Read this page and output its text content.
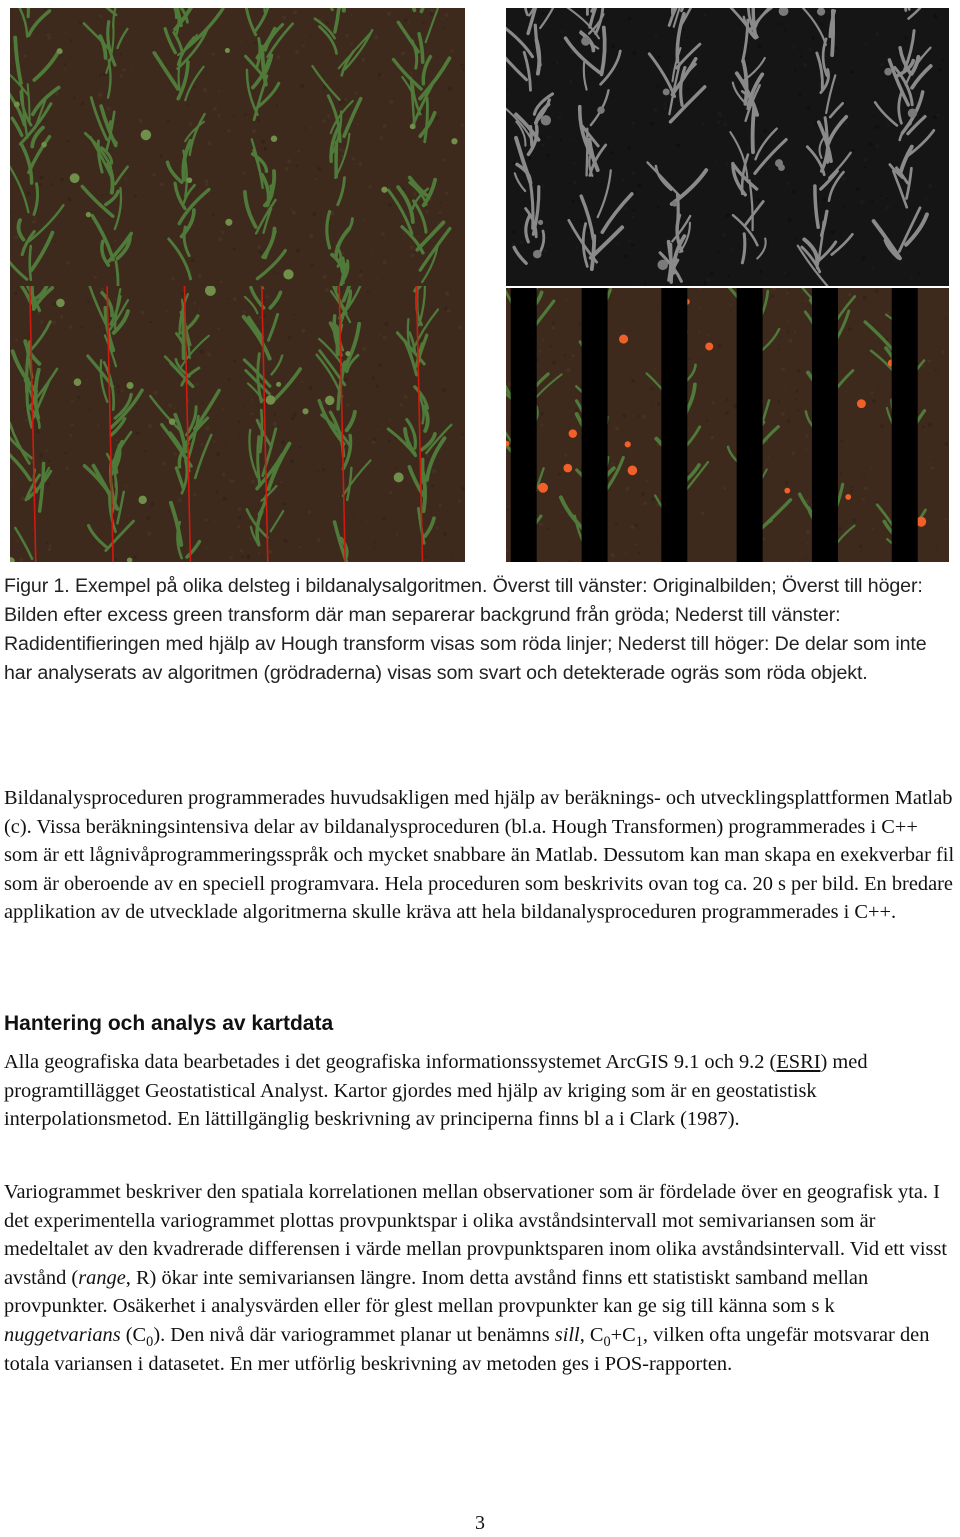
Figur 1. Exempel på olika delsteg i bildanalysalgoritmen. Överst till vänster: Originalbilden; Överst till höger: Bilden efter excess green transform där man separerar backgrund från gröda; Nederst till vänster: Radidentifieringen med hjälp av Hough transform visas som röda linjer; Nederst till höger: De delar som inte har analyserats av algoritmen (grödraderna) visas som svart och detekterade ogräs som röda objekt.

Bildanalysproceduren programmerades huvudsakligen med hjälp av beräknings- och utvecklingsplattformen Matlab (c). Vissa beräkningsintensiva delar av bildanalysproceduren (bl.a. Hough Transformen) programmerades i C++ som är ett lågnivåprogrammeringsspråk och mycket snabbare än Matlab. Dessutom kan man skapa en exekverbar fil som är oberoende av en speciell programvara. Hela proceduren som beskrivits ovan tog ca. 20 s per bild. En bredare applikation av de utvecklade algoritmerna skulle kräva att hela bildanalysproceduren programmerades i C++.

Hantering och analys av kartdata

Alla geografiska data bearbetades i det geografiska informationssystemet ArcGIS 9.1 och 9.2 (ESRI) med programtillägget Geostatistical Analyst. Kartor gjordes med hjälp av kriging som är en geostatistisk interpolationsmetod. En lättillgänglig beskrivning av principerna finns bl a i Clark (1987).

Variogrammet beskriver den spatiala korrelationen mellan observationer som är fördelade över en geografisk yta. I det experimentella variogrammet plottas provpunktspar i olika avståndsintervall mot semivariansen som är medeltalet av den kvadrerade differensen i värde mellan provpunktsparen inom olika avståndsintervall. Vid ett visst avstånd (range, R) ökar inte semivariansen längre. Inom detta avstånd finns ett statistiskt samband mellan provpunkter. Osäkerhet i analysvärden eller för glest mellan provpunkter kan ge sig till känna som s k nuggetvarians $(C_0)$. Den nivå där variogrammet planar ut benämns sill, $C_0+C_1$, vilken ofta ungefär motsvarar den totala variansen i datasetet. En mer utförlig beskrivning av metoden ges i POS-rapporten.

3
